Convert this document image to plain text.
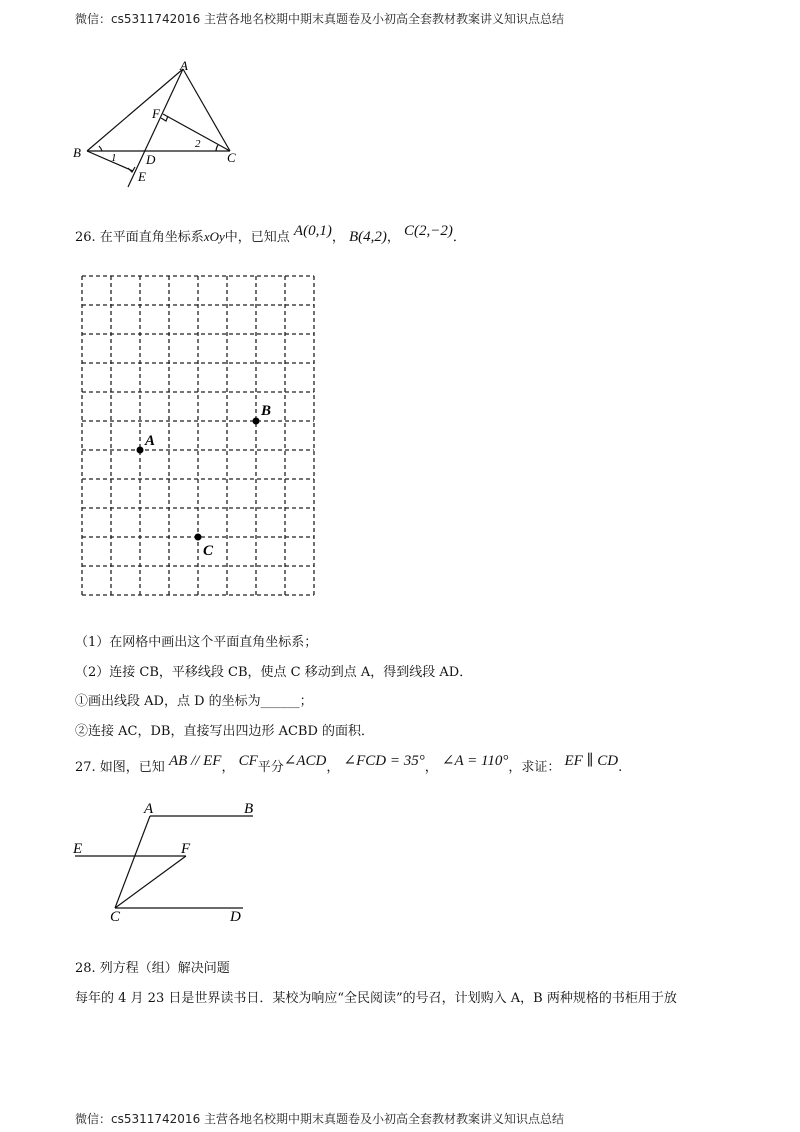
微信：cs5311742016 主营各地名校期中期末真题卷及小初高全套教材教案讲义知识点总结
A
B	C
D
E
F
1
2
26. 在平面直角坐标系xOy中，已知点 A(0,1)， B(4,2)， C(2,−2)．
A
B
C
（1）在网格中画出这个平面直角坐标系；
（2）连接 CB，平移线段 CB，使点 C 移动到点 A，得到线段 AD．
①画出线段 AD，点 D 的坐标为______；
②连接 AC，DB，直接写出四边形 ACBD 的面积．
27. 如图，已知 AB // EF， CF平分∠ACD， ∠FCD = 35°， ∠A = 110°，求证： EF ∥ CD.
A	B
E	F
C	D
28. 列方程（组）解决问题
每年的 4 月 23 日是世界读书日．某校为响应“全民阅读”的号召，计划购入 A，B 两种规格的书柜用于放
微信：cs5311742016 主营各地名校期中期末真题卷及小初高全套教材教案讲义知识点总结
